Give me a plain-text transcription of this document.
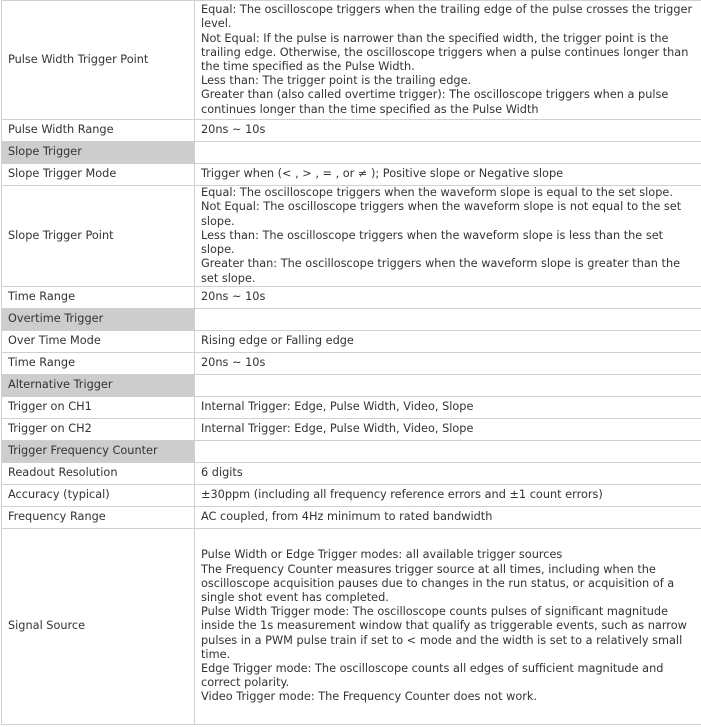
Pulse Width Trigger Point	Equal: The oscilloscope triggers when the trailing edge of the pulse crosses the trigger level.

Not Equal: If the pulse is narrower than the specified width, the trigger point is the trailing edge. Otherwise, the oscilloscope triggers when a pulse continues longer than the time specified as the Pulse Width.

Less than: The trigger point is the trailing edge.

Greater than (also called overtime trigger): The oscilloscope triggers when a pulse continues longer than the time specified as the Pulse Width

Pulse Width Range	20ns ~ 10s
Slope Trigger	
Slope Trigger Mode	Trigger when (< , > , = , or ≠ ); Positive slope or Negative slope
Slope Trigger Point	Equal: The oscilloscope triggers when the waveform slope is equal to the set slope.

Not Equal: The oscilloscope triggers when the waveform slope is not equal to the set slope.

Less than: The oscilloscope triggers when the waveform slope is less than the set slope.

Greater than: The oscilloscope triggers when the waveform slope is greater than the set slope.

Time Range	20ns ~ 10s
Overtime Trigger	
Over Time Mode	Rising edge or Falling edge
Time Range	20ns ~ 10s
Alternative Trigger	
Trigger on CH1	Internal Trigger: Edge, Pulse Width, Video, Slope
Trigger on CH2	Internal Trigger: Edge, Pulse Width, Video, Slope
Trigger Frequency Counter	
Readout Resolution	6 digits
Accuracy (typical)	±30ppm (including all frequency reference errors and ±1 count errors)
Frequency Range	AC coupled, from 4Hz minimum to rated bandwidth
Signal Source	Pulse Width or Edge Trigger modes: all available trigger sources

The Frequency Counter measures trigger source at all times, including when the oscilloscope acquisition pauses due to changes in the run status, or acquisition of a single shot event has completed.

Pulse Width Trigger mode: The oscilloscope counts pulses of significant magnitude inside the 1s measurement window that qualify as triggerable events, such as narrow pulses in a PWM pulse train if set to < mode and the width is set to a relatively small time.

Edge Trigger mode: The oscilloscope counts all edges of sufficient magnitude and correct polarity.

Video Trigger mode: The Frequency Counter does not work.
